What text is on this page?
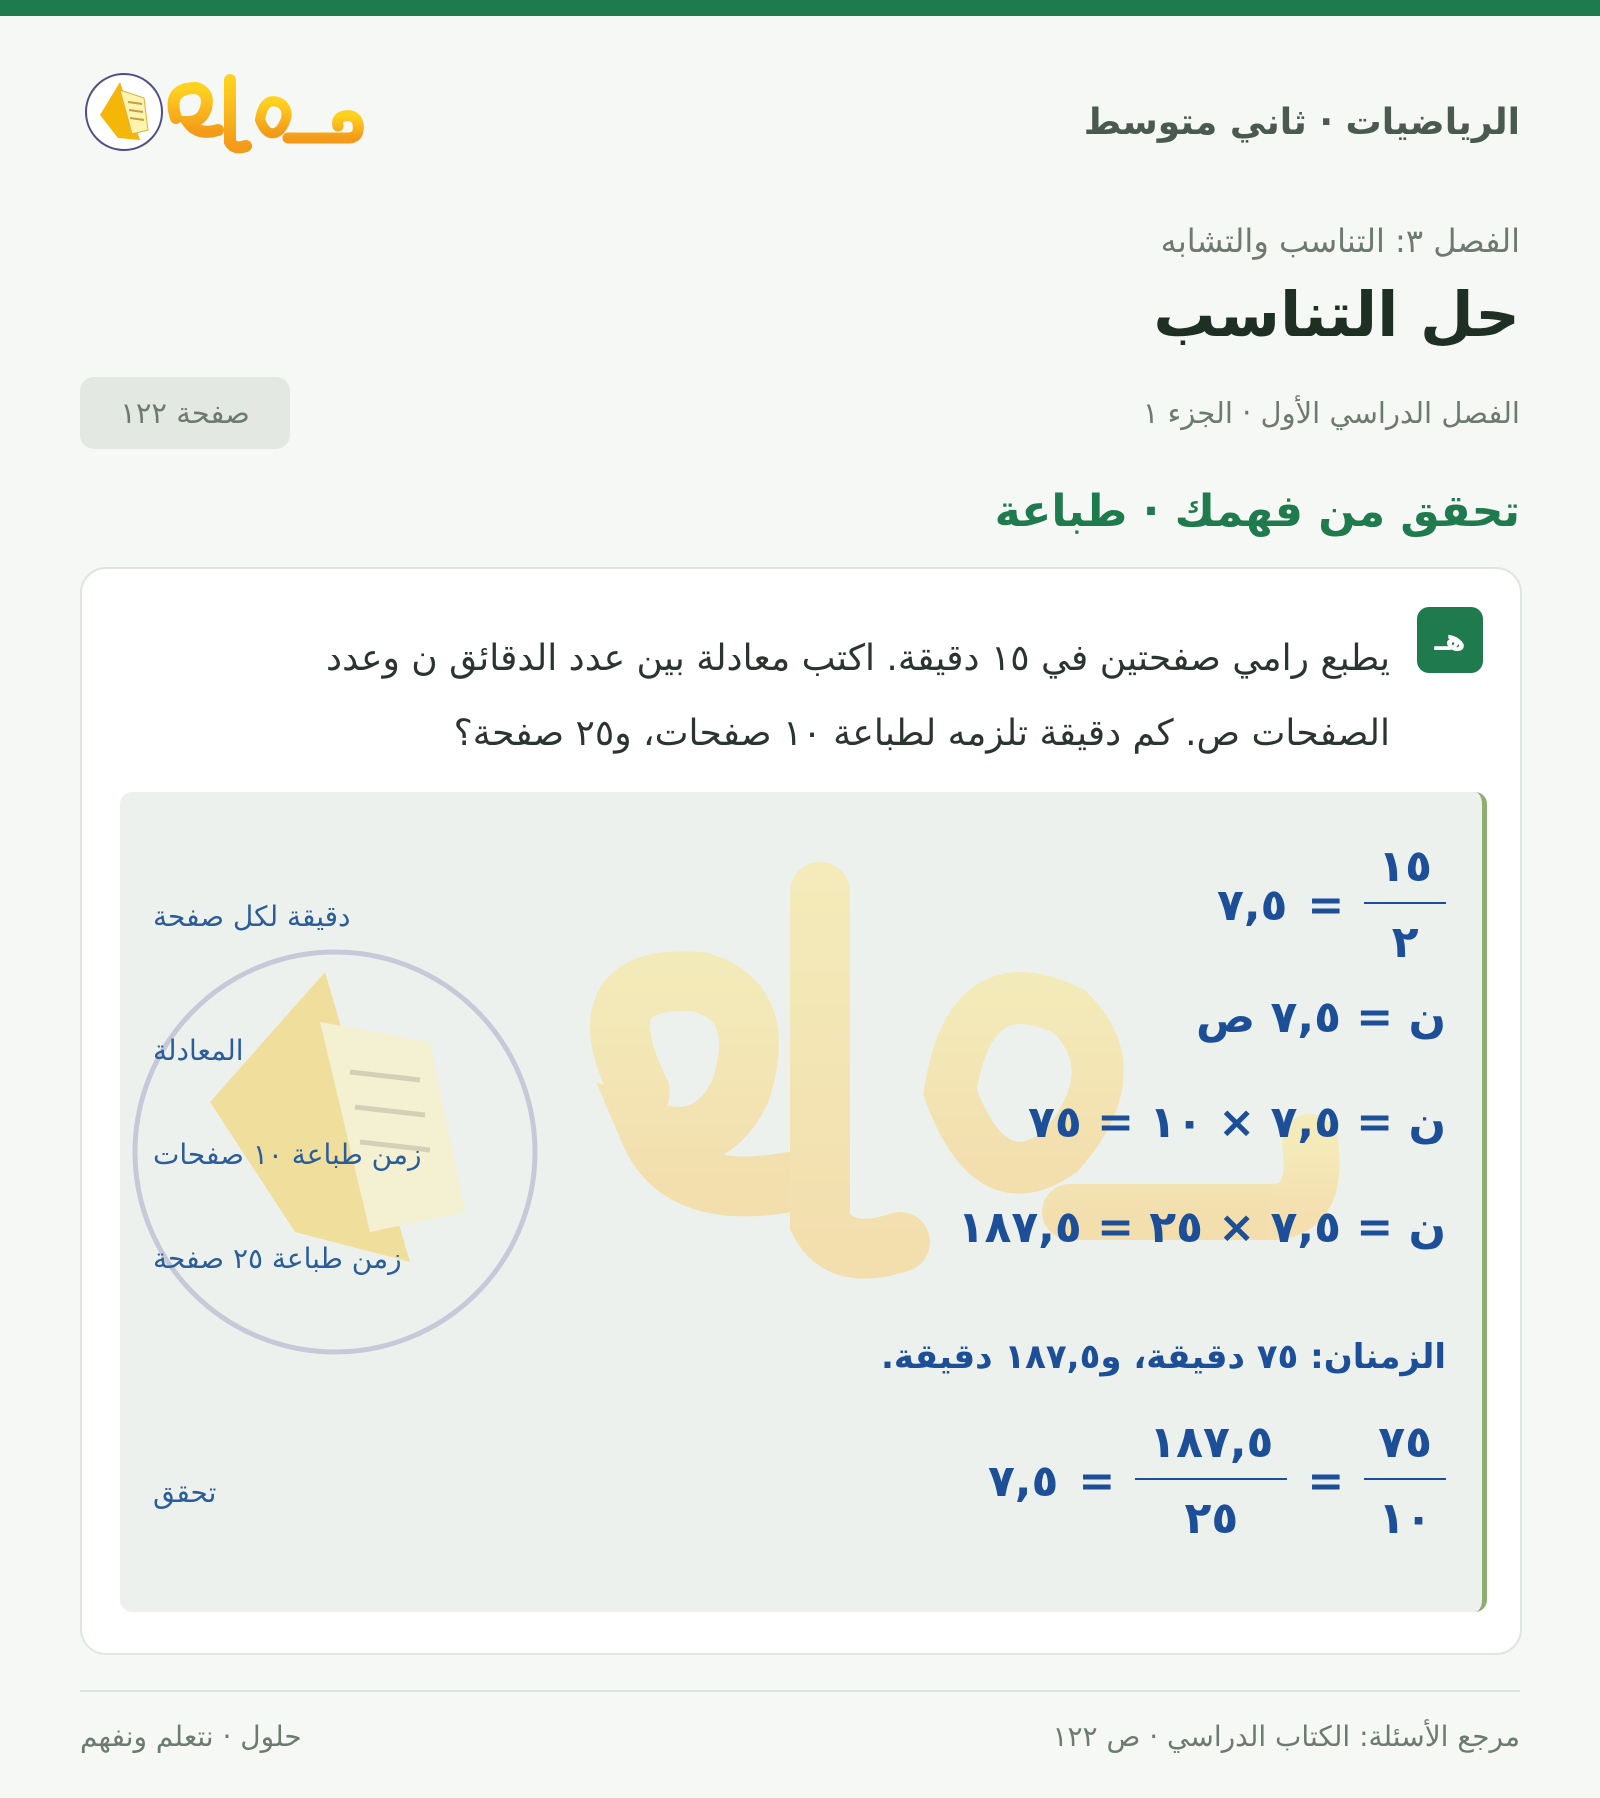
الرياضيات · ثاني متوسط
الفصل ٣: التناسب والتشابه
حل التناسب
الفصل الدراسي الأول · الجزء ١
صفحة ١٢٢
تحقق من فهمك · طباعة
هـ
يطبع رامي صفحتين في ١٥ دقيقة. اكتب معادلة بين عدد الدقائق ن وعدد الصفحات ص. كم دقيقة تلزمه لطباعة ١٠ صفحات، و٢٥ صفحة؟
$\frac{١٥}{٢}$
=
٧,٥
دقيقة لكل صفحة
ن = ٧,٥ ص
المعادلة
ن = ٧,٥ × ١٠ = ٧٥
زمن طباعة ١٠ صفحات
ن = ٧,٥ × ٢٥ = ١٨٧,٥
زمن طباعة ٢٥ صفحة
الزمنان: ٧٥ دقيقة، و١٨٧,٥ دقيقة.
$\frac{٧٥}{١٠}$
=
$\frac{١٨٧,٥}{٢٥}$
=
٧,٥
تحقق
مرجع الأسئلة: الكتاب الدراسي · ص ١٢٢
حلول · نتعلم ونفهم
